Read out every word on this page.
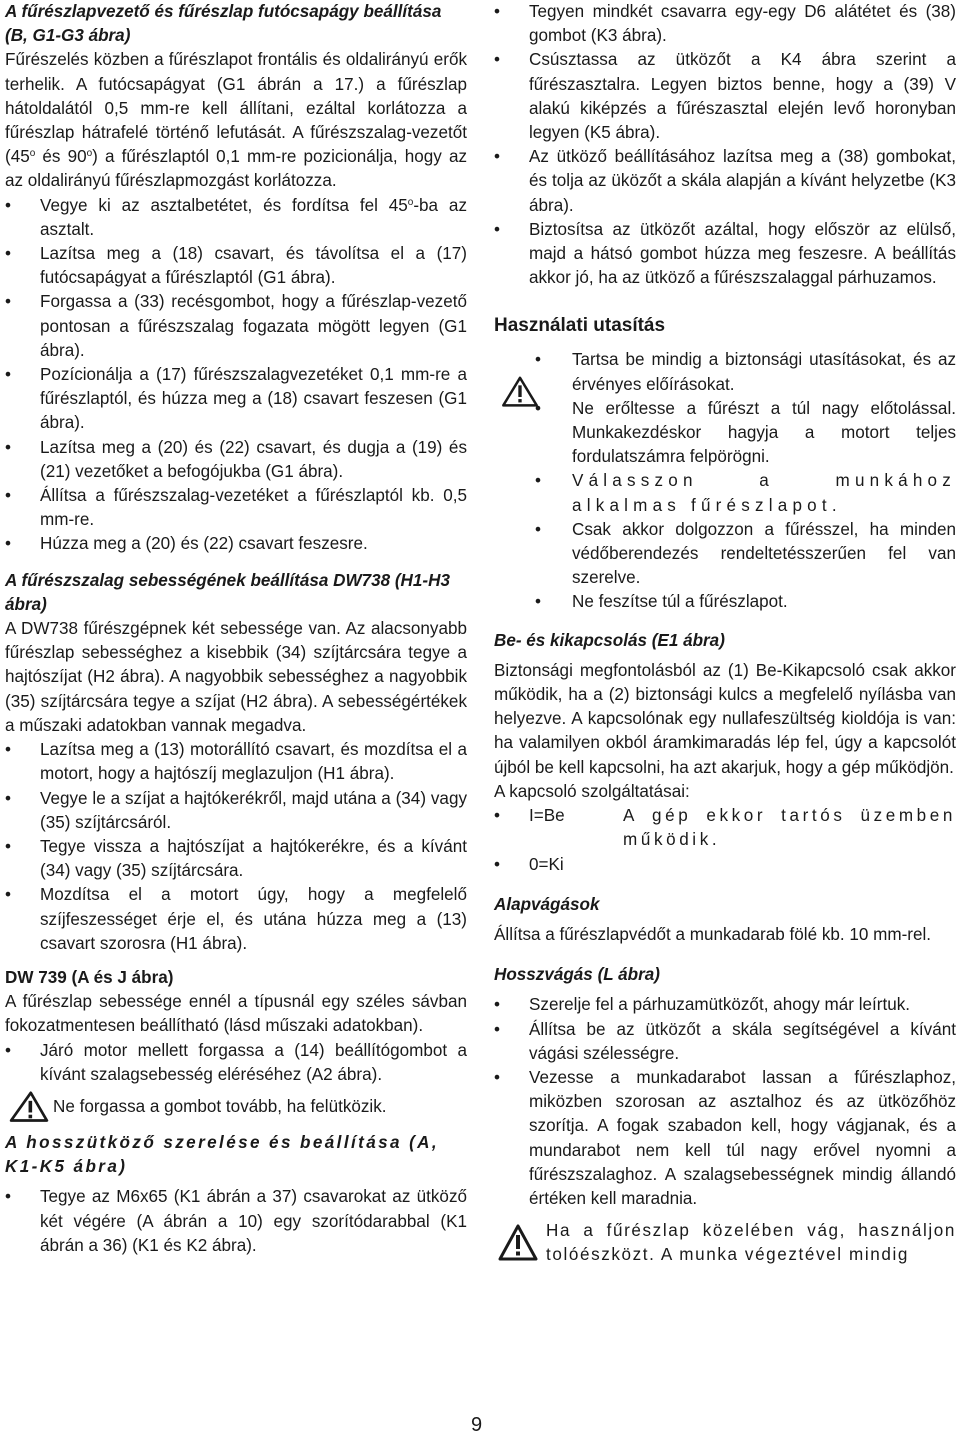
A fűrészlapvezető és fűrészlap futócsapágy beállítása (B, G1-G3 ábra)

Fűrészelés közben a fűrészlapot frontális és oldalirányú erők terhelik. A futócsapágyat (G1 ábrán a 17.) a fűrészlap hátoldalától 0,5 mm-re kell állítani, ezáltal korlátozza a fűrészlap hátrafelé történő lefutását. A fűrészszalag-vezetőt (45$^o$ és 90$^o$) a fűrészlaptól 0,1 mm-re pozicionálja, hogy az az oldalirányú fűrészlapmozgást korlátozza.

• Vegye ki az asztalbetétet, és fordítsa fel 45$^o$-ba az asztalt.
• Lazítsa meg a (18) csavart, és távolítsa el a (17) futócsapágyat a fűrészlaptól (G1 ábra).
• Forgassa a (33) recésgombot, hogy a fűrészlap-vezető pontosan a fűrészszalag fogazata mögött legyen (G1 ábra).
• Pozícionálja a (17) fűrészszalagvezetéket 0,1 mm-re a fűrészlaptól, és húzza meg a (18) csavart feszesen (G1 ábra).
• Lazítsa meg a (20) és (22) csavart, és dugja a (19) és (21) vezetőket a befogójukba (G1 ábra).
• Állítsa a fűrészszalag-vezetéket a fűrészlaptól kb. 0,5 mm-re.
• Húzza meg a (20) és (22) csavart feszesre.
A fűrészszalag sebességének beállítása DW738 (H1-H3 ábra)

A DW738 fűrészgépnek két sebessége van. Az alacsonyabb fűrészlap sebességhez a kisebbik (34) szíjtárcsára tegye a hajtószíjat (H2 ábra). A nagyobbik sebességhez a nagyobbik (35) szíjtárcsára tegye a szíjat (H2 ábra). A sebességértékek a műszaki adatokban vannak megadva.

• Lazítsa meg a (13) motorállító csavart, és mozdítsa el a motort, hogy a hajtószíj meglazuljon (H1 ábra).
• Vegye le a szíjat a hajtókerékről, majd utána a (34) vagy (35) szíjtárcsáról.
• Tegye vissza a hajtószíjat a hajtókerékre, és a kívánt (34) vagy (35) szíjtárcsára.
• Mozdítsa el a motort úgy, hogy a megfelelő szíjfeszességet érje el, és utána húzza meg a (13) csavart szorosra (H1 ábra).
DW 739 (A és J ábra)

A fűrészlap sebessége ennél a típusnál egy széles sávban fokozatmentesen beállítható (lásd műszaki adatokban).

• Járó motor mellett forgassa a (14) beállítógombot a kívánt szalagsebesség eléréséhez (A2 ábra).
Ne forgassa a gombot tovább, ha felütközik.
A hosszütköző szerelése és beállítása (A, K1-K5 ábra)
• Tegye az M6x65 (K1 ábrán a 37) csavarokat az ütköző két végére (A ábrán a 10) egy szorítódarabbal (K1 ábrán a 36) (K1 és K2 ábra).
• Tegyen mindkét csavarra egy-egy D6 alátétet és (38) gombot (K3 ábra).
• Csúsztassa az ütközőt a K4 ábra szerint a fűrészasztalra. Legyen biztos benne, hogy a (39) V alakú kiképzés a fűrészasztal elején levő horonyban legyen (K5 ábra).
• Az ütköző beállításához lazítsa meg a (38) gombokat, és tolja az üközőt a skála alapján a kívánt helyzetbe (K3 ábra).
• Biztosítsa az ütközőt azáltal, hogy először az elülső, majd a hátsó gombot húzza meg feszesre. A beállítás akkor jó, ha az ütköző a fűrészszalaggal párhuzamos.
Használati utasítás
• Tartsa be mindig a biztonsági utasításokat, és az érvényes előírásokat.
• Ne erőltesse a fűrészt a túl nagy előtolással. Munkakezdéskor hagyja a motort teljes fordulatszámra felpörögni.
• Válasszon a munkához alkalmas fűrészlapot.
• Csak akkor dolgozzon a fűrésszel, ha minden védőberendezés rendeltetésszerűen fel van szerelve.
• Ne feszítse túl a fűrészlapot.
Be- és kikapcsolás (E1 ábra)

Biztonsági megfontolásból az (1) Be-Kikapcsoló csak akkor működik, ha a (2) biztonsági kulcs a megfelelő nyílásba van helyezve. A kapcsolónak egy nullafeszültség kioldója is van: ha valamilyen okból áramkimaradás lép fel, úgy a kapcsolót újból be kell kapcsolni, ha azt akarjuk, hogy a gép működjön.

A kapcsoló szolgáltatásai:

• I=Be	A gép ekkor tartós üzemben működik.
• 0=Ki
Alapvágások

Állítsa a fűrészlapvédőt a munkadarab fölé kb. 10 mm-rel.

Hosszvágás (L ábra)
• Szerelje fel a párhuzamütközőt, ahogy már leírtuk.
• Állítsa be az ütközőt a skála segítségével a kívánt vágási szélességre.
• Vezesse a munkadarabot lassan a fűrészlaphoz, miközben szorosan az asztalhoz és az ütközőhöz szorítja. A fogak szabadon kell, hogy vágjanak, és a mundarabot nem kell túl nagy erővel nyomni a fűrészszalaghoz. A szalagsebességnek mindig állandó értéken kell maradnia.
Ha a fűrészlap közelében vág, használjon tolóészközt. A munka végeztével mindig
9
